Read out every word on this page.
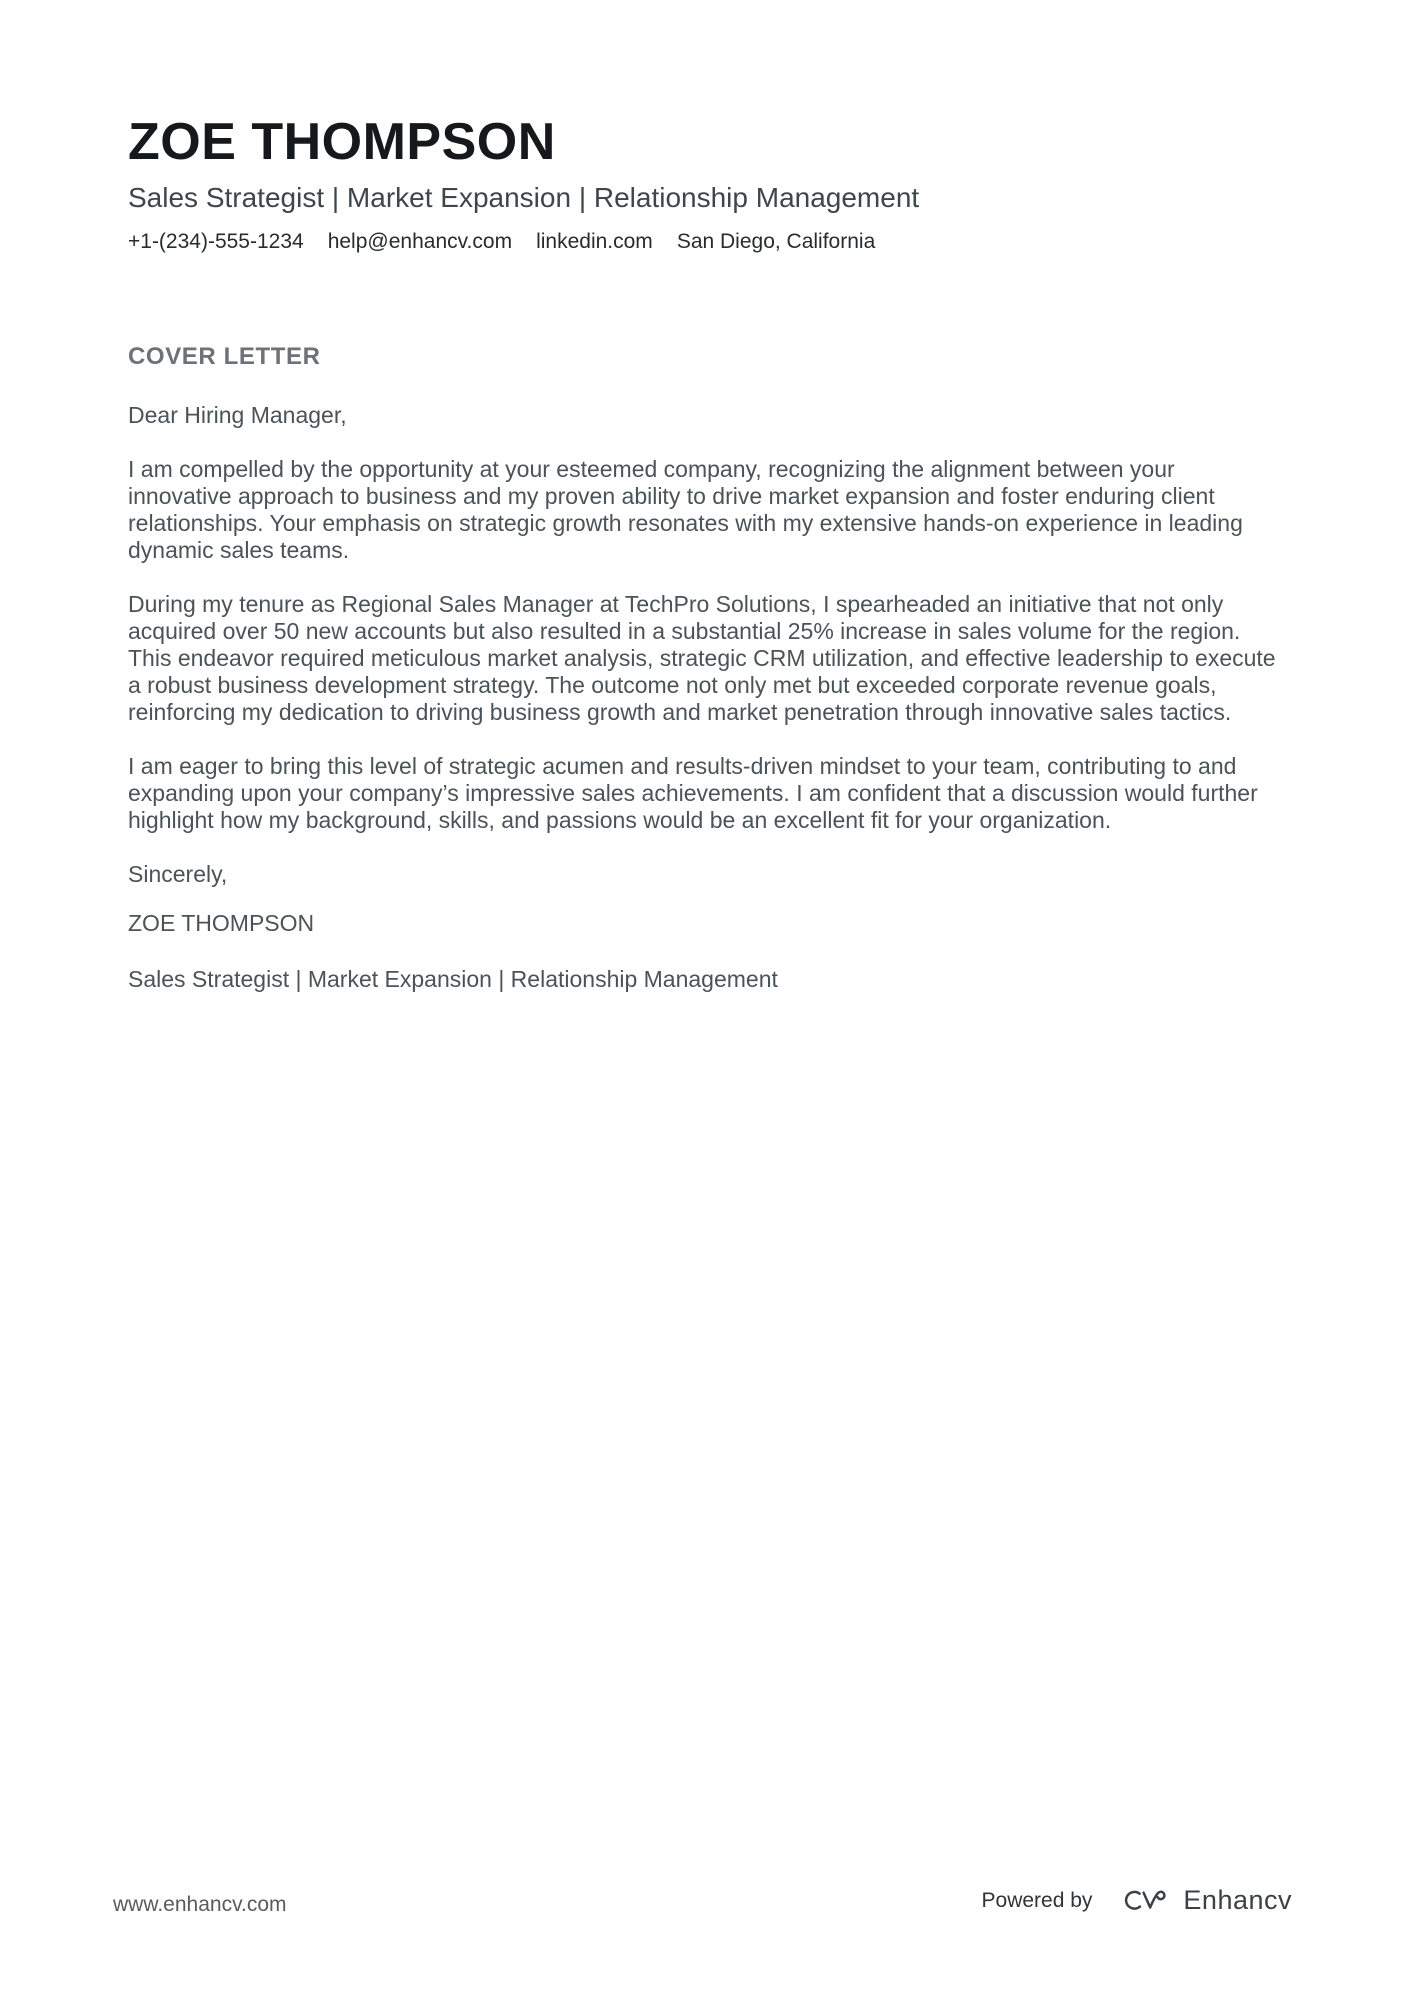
ZOE THOMPSON
Sales Strategist | Market Expansion | Relationship Management
+1-(234)-555-1234 help@enhancv.com linkedin.com San Diego, California
COVER LETTER

Dear Hiring Manager,

I am compelled by the opportunity at your esteemed company, recognizing the alignment between your innovative approach to business and my proven ability to drive market expansion and foster enduring client relationships. Your emphasis on strategic growth resonates with my extensive hands-on experience in leading dynamic sales teams.

During my tenure as Regional Sales Manager at TechPro Solutions, I spearheaded an initiative that not only acquired over 50 new accounts but also resulted in a substantial 25% increase in sales volume for the region. This endeavor required meticulous market analysis, strategic CRM utilization, and effective leadership to execute a robust business development strategy. The outcome not only met but exceeded corporate revenue goals, reinforcing my dedication to driving business growth and market penetration through innovative sales tactics.

I am eager to bring this level of strategic acumen and results-driven mindset to your team, contributing to and expanding upon your company’s impressive sales achievements. I am confident that a discussion would further highlight how my background, skills, and passions would be an excellent fit for your organization.

Sincerely,

ZOE THOMPSON

Sales Strategist | Market Expansion | Relationship Management

www.enhancv.com	Powered by	Enhancv
